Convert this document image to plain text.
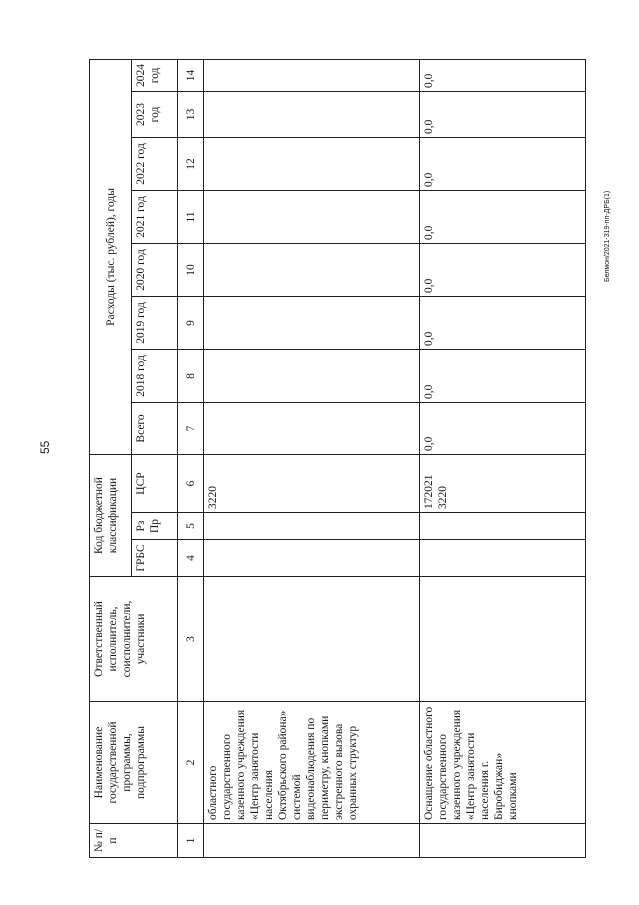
55
Белмон/2021-319-пп-ДРБ(1)
№ п/п	Наименование государственной программы, подпрограммы	Ответственный исполнитель, соисполнители, участники	Код бюджетной классификации			Расходы (тыс. рублей), годы							
			ГРБС	Рз Пр	ЦСР	Всего	2018 год	2019 год	2020 год	2021 год	2022 год	2023 год	2024 год
1	2	3	4	5	6	7	8	9	10	11	12	13	14
	областного государственного казенного учреждения «Центр занятости населения Октябрьского района» системой видеонаблюдения по периметру, кнопками экстренного вызова охранных структур				3220								
	Оснащение областного государственного казенного учреждения «Центр занятости населения г. Биробиджан» кнопками				172021 3220	0,0	0,0	0,0	0,0	0,0	0,0	0,0	0,0
